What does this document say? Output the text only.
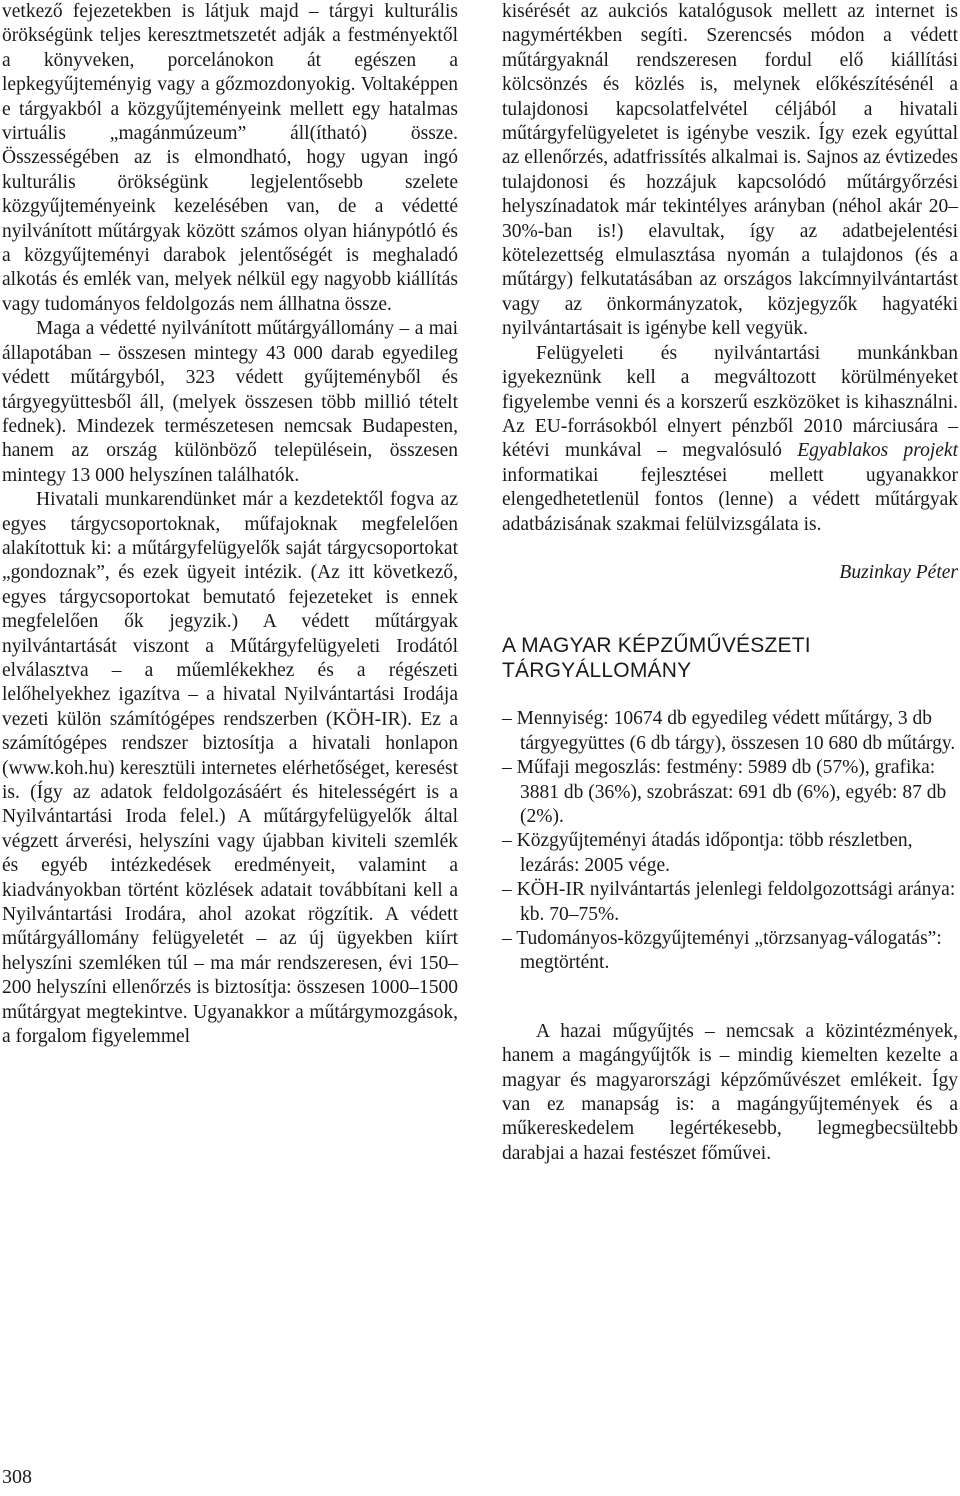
vetkező fejezetekben is látjuk majd – tárgyi kulturális örökségünk teljes keresztmetszetét adják a festményektől a könyveken, porcelánokon át egészen a lepkegyűjteményig vagy a gőzmozdonyokig. Voltaképpen e tárgyakból a közgyűjteményeink mellett egy hatalmas virtuális „magánmúzeum” áll(ítható) össze. Összességében az is elmondható, hogy ugyan ingó kulturális örökségünk legjelentősebb szelete közgyűjteményeink kezelésében van, de a védetté nyilvánított műtárgyak között számos olyan hiánypótló és a közgyűjteményi darabok jelentőségét is meghaladó alkotás és emlék van, melyek nélkül egy nagyobb kiállítás vagy tudományos feldolgozás nem állhatna össze.

Maga a védetté nyilvánított műtárgyállomány – a mai állapotában – összesen mintegy 43 000 darab egyedileg védett műtárgyból, 323 védett gyűjteményből és tárgyegyüttesből áll, (melyek összesen több millió tételt fednek). Mindezek természetesen nemcsak Budapesten, hanem az ország különböző településein, összesen mintegy 13 000 helyszínen találhatók.

Hivatali munkarendünket már a kezdetektől fogva az egyes tárgycsoportoknak, műfajoknak megfelelően alakítottuk ki: a műtárgyfelügyelők saját tárgycsoportokat „gondoznak”, és ezek ügyeit intézik. (Az itt következő, egyes tárgycsoportokat bemutató fejezeteket is ennek megfelelően ők jegyzik.) A védett műtárgyak nyilvántartását viszont a Műtárgyfelügyeleti Irodától elválasztva – a műemlékekhez és a régészeti lelőhelyekhez igazítva – a hivatal Nyilvántartási Irodája vezeti külön számítógépes rendszerben (KÖH-IR). Ez a számítógépes rendszer biztosítja a hivatali honlapon (www.koh.hu) keresztüli internetes elérhetőséget, keresést is. (Így az adatok feldolgozásáért és hitelességért is a Nyilvántartási Iroda felel.) A műtárgyfelügyelők által végzett árverési, helyszíni vagy újabban kiviteli szemlék és egyéb intézkedések eredményeit, valamint a kiadványokban történt közlések adatait továbbítani kell a Nyilvántartási Irodára, ahol azokat rögzítik. A védett műtárgyállomány felügyeletét – az új ügyekben kiírt helyszíni szemléken túl – ma már rendszeresen, évi 150–200 helyszíni ellenőrzés is biztosítja: összesen 1000–1500 műtárgyat megtekintve. Ugyanakkor a műtárgymozgások, a forgalom figyelemmel

kisérését az aukciós katalógusok mellett az internet is nagymértékben segíti. Szerencsés módon a védett műtárgyaknál rendszeresen fordul elő kiállítási kölcsönzés és közlés is, melynek előkészítésénél a tulajdonosi kapcsolatfelvétel céljából a hivatali műtárgyfelügyeletet is igénybe veszik. Így ezek egyúttal az ellenőrzés, adatfrissítés alkalmai is. Sajnos az évtizedes tulajdonosi és hozzájuk kapcsolódó műtárgyőrzési helyszínadatok már tekintélyes arányban (néhol akár 20–30%-ban is!) elavultak, így az adatbejelentési kötelezettség elmulasztása nyomán a tulajdonos (és a műtárgy) felkutatásában az országos lakcímnyilvántartást vagy az önkormányzatok, közjegyzők hagyatéki nyilvántartásait is igénybe kell vegyük.

Felügyeleti és nyilvántartási munkánkban igyekeznünk kell a megváltozott körülményeket figyelembe venni és a korszerű eszközöket is kihasználni. Az EU-forrásokból elnyert pénzből 2010 márciusára – kétévi munkával – megvalósuló Egyablakos projekt informatikai fejlesztései mellett ugyanakkor elengedhetetlenül fontos (lenne) a védett műtárgyak adatbázisának szakmai felülvizsgálata is.

Buzinkay Péter

A MAGYAR KÉPZŰMŰVÉSZETI TÁRGYÁLLOMÁNY

– Mennyiség: 10674 db egyedileg védett műtárgy, 3 db tárgyegyüttes (6 db tárgy), összesen 10 680 db műtárgy.
– Műfaji megoszlás: festmény: 5989 db (57%), grafika: 3881 db (36%), szobrászat: 691 db (6%), egyéb: 87 db (2%).
– Közgyűjteményi átadás időpontja: több részletben, lezárás: 2005 vége.
– KÖH-IR nyilvántartás jelenlegi feldolgozottsági aránya: kb. 70–75%.
– Tudományos-közgyűjteményi „törzsanyag-válogatás”: megtörtént.

A hazai műgyűjtés – nemcsak a közintézmények, hanem a magángyűjtők is – mindig kiemelten kezelte a magyar és magyarországi képzőművészet emlékeit. Így van ez manapság is: a magángyűjtemények és a műkereskedelem legértékesebb, legmegbecsültebb darabjai a hazai festészet főművei.

308
